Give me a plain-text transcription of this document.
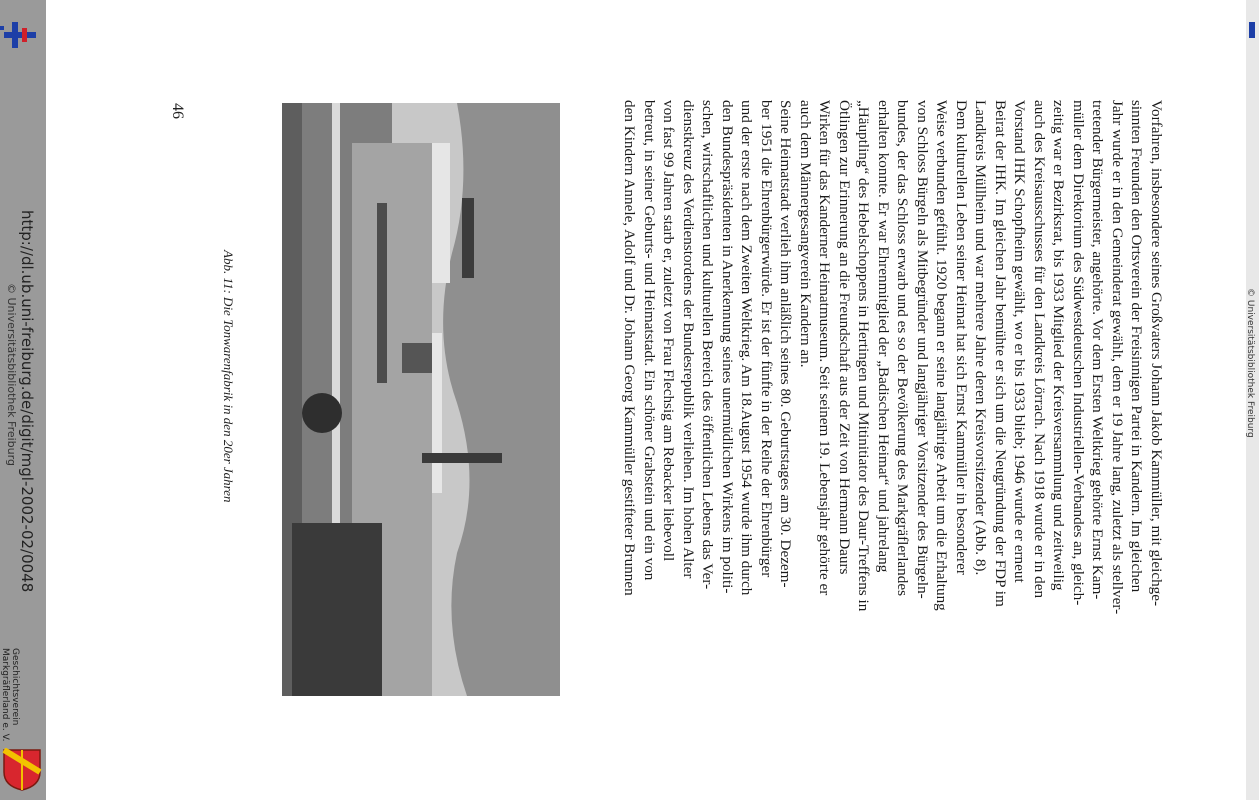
Vorfahren, insbesondere seines Großvaters Johann Jakob Kammüller, mit gleichge-
sinnten Freunden den Ortsverein der Freisinnigen Partei in Kandern. Im gleichen
Jahr wurde er in den Gemeinderat gewählt, dem er 19 Jahre lang, zuletzt als stellver-
tretender Bürgermeister, angehörte. Vor dem Ersten Weltkrieg gehörte Ernst Kam-
müller dem Direktorium des Südwestdeutschen Industriellen-Verbandes an, gleich-
zeitig war er Bezirksrat, bis 1933 Mitglied der Kreisversammlung und zeitweilig
auch des Kreisausschusses für den Landkreis Lörrach. Nach 1918 wurde er in den
Vorstand IHK Schopfheim gewählt, wo er bis 1933 blieb; 1946 wurde er erneut
Beirat der IHK. Im gleichen Jahr bemühte er sich um die Neugründung der FDP im
Landkreis Müllheim und war mehrere Jahre deren Kreisvorsitzender (Abb. 8).
Dem kulturellen Leben seiner Heimat hat sich Ernst Kammüller in besonderer
Weise verbunden gefühlt. 1920 begann er seine langjährige Arbeit um die Erhaltung
von Schloss Bürgeln als Mitbegründer und langjähriger Vorsitzender des Bürgeln-
bundes, der das Schloss erwarb und es so der Bevölkerung des Markgräflerlandes
erhalten konnte. Er war Ehrenmitglied der „Badischen Heimat“ und jahrelang
„Häuptling“ des Hebelschoppens in Hertingen und Mitinitiator des Daur-Treffens in
Ötlingen zur Erinnerung an die Freundschaft aus der Zeit von Hermann Daurs
Wirken für das Kanderner Heimatmuseum. Seit seinem 19. Lebensjahr gehörte er
auch dem Männergesangverein Kandern an.
Seine Heimatstadt verlieh ihm anläßlich seines 80. Geburtstages am 30. Dezem-
ber 1951 die Ehrenbürgerwürde. Er ist der fünfte in der Reihe der Ehrenbürger
und der erste nach dem Zweiten Weltkrieg. Am 18.August 1954 wurde ihm durch
den Bundespräsidenten in Anerkennung seines unermüdlichen Wirkens im politi-
schen, wirtschaftlichen und kulturellen Bereich des öffentlichen Lebens das Ver-
dienstkreuz des Verdienstordens der Bundesrepublik verliehen. Im hohen Alter
von fast 99 Jahren starb er, zuletzt von Frau Flechsig am Rebacker liebevoll
betreut, in seiner Geburts- und Heimatstadt. Ein schöner Grabstein und ein von
den Kindern Annele, Adolf und Dr. Johann Georg Kammüller gestifteter Brunnen
46
Abb. 11: Die Tonwarenfabrik in den 20er Jahren
http://dl.ub.uni-freiburg.de/digit/mgl-2002-02/0048
© Universitätsbibliothek Freiburg
Geschichtsverein
Markgräflerland e. V.
© Universitätsbibliothek Freiburg
